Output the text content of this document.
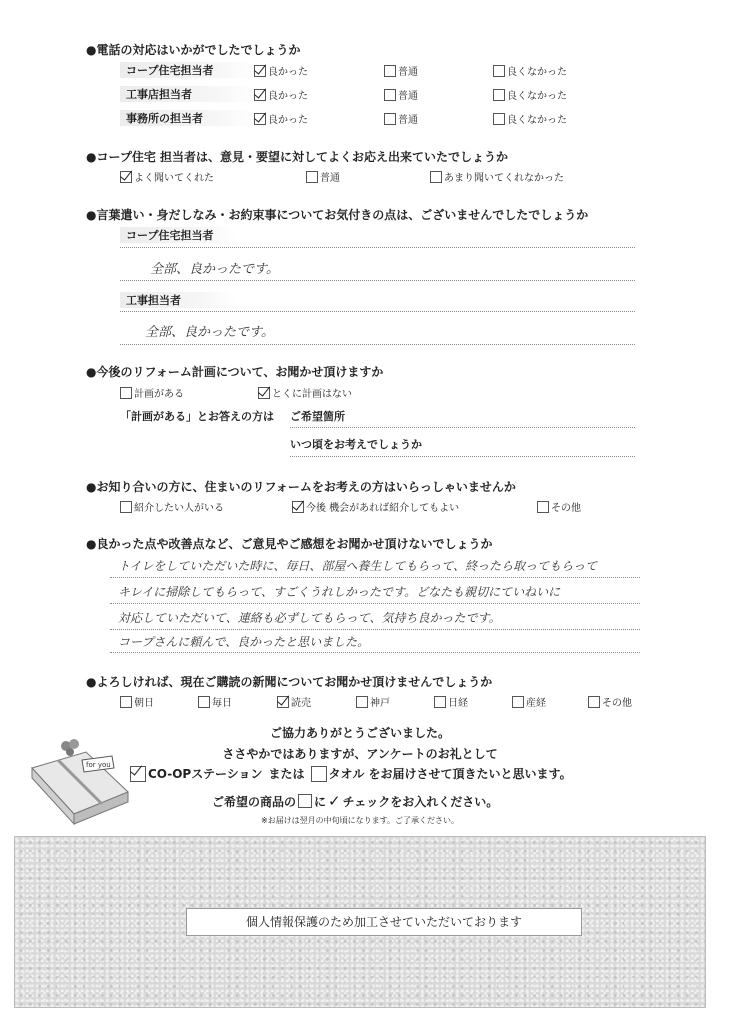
●電話の対応はいかがでしたでしょうか
コープ住宅担当者	良かった	普通	良くなかった
工事店担当者	良かった	普通	良くなかった
事務所の担当者	良かった	普通	良くなかった
●コープ住宅 担当者は、意見・要望に対してよくお応え出来ていたでしょうか
よく聞いてくれた	普通	あまり聞いてくれなかった
●言葉遣い・身だしなみ・お約束事についてお気付きの点は、ございませんでしたでしょうか
コープ住宅担当者
全部、良かったです。
工事担当者
全部、良かったです。
●今後のリフォーム計画について、お聞かせ頂けますか
計画がある	とくに計画はない
「計画がある」とお答えの方は ご希望箇所
いつ頃をお考えでしょうか
●お知り合いの方に、住まいのリフォームをお考えの方はいらっしゃいませんか
紹介したい人がいる	今後 機会があれば紹介してもよい	その他
●良かった点や改善点など、ご意見やご感想をお聞かせ頂けないでしょうか
トイレをしていただいた時に、毎日、部屋へ養生してもらって、終ったら取ってもらって
キレイに掃除してもらって、すごくうれしかったです。どなたも親切にていねいに
対応していただいて、連絡も必ずしてもらって、気持ち良かったです。
コープさんに頼んで、良かったと思いました。
●よろしければ、現在ご購読の新聞についてお聞かせ頂けませんでしょうか
朝日	毎日	読売	神戸	日経	産経	その他
for you
ご協力ありがとうございました。
ささやかではありますが、アンケートのお礼として
CO-OPステーション または タオル をお届けさせて頂きたいと思います。
ご希望の商品の に ✓ チェックをお入れください。
※お届けは翌月の中旬頃になります。ご了承ください。
個人情報保護のため加工させていただいております
